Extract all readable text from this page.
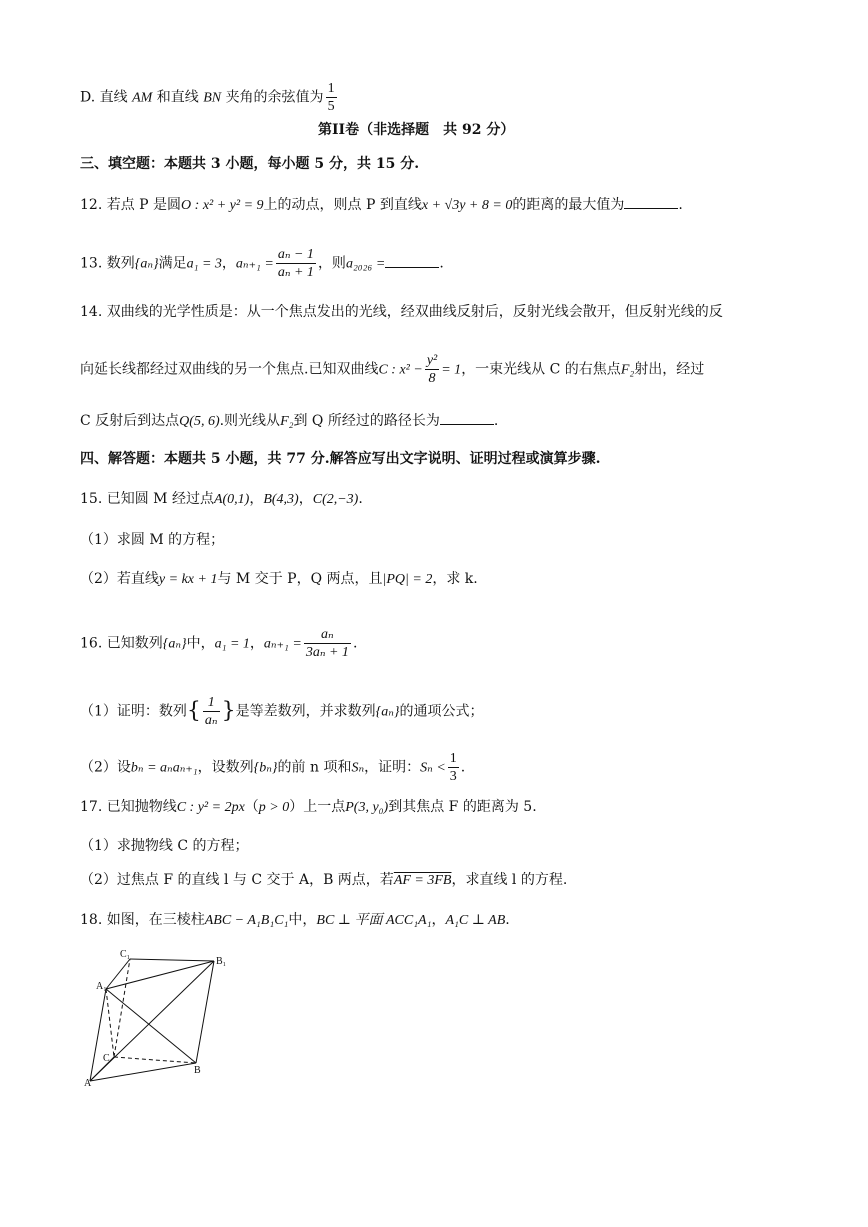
D. 直线 AM 和直线 BN 夹角的余弦值为 $\frac{1}{5}$
第II卷（非选择题　共 92 分）
三、填空题：本题共 3 小题，每小题 5 分，共 15 分.
12. 若点 P 是圆O : x² + y² = 9上的动点，则点 P 到直线x + √3y + 8 = 0的距离的最大值为	.
13. 数列{aₙ}满足a₁ = 3，$a_{n+1} = \frac{\text{aₙ − 1}}{\text{aₙ + 1}}$ ，则a₂₀₂₆ =	.
14. 双曲线的光学性质是：从一个焦点发出的光线，经双曲线反射后，反射光线会散开，但反射光线的反
向延长线都经过双曲线的另一个焦点.已知双曲线C : $x^2 - \frac{\text{y²}}{8} = 1$，一束光线从 C 的右焦点F₂射出，经过
C 反射后到达点Q(5, 6).则光线从F₂到 Q 所经过的路径长为	.
四、解答题：本题共 5 小题，共 77 分.解答应写出文字说明、证明过程或演算步骤.
15. 已知圆 M 经过点A(0,1)，B(4,3)，C(2,−3).
（1）求圆 M 的方程；
（2）若直线y = kx + 1与 M 交于 P，Q 两点，且|PQ| = 2，求 k.
16. 已知数列{aₙ}中，a₁ = 1，$a_{n+1} = \frac{\text{aₙ}}{\text{3aₙ + 1}}$ .
（1）证明：数列{ $\frac{1}{\text{aₙ}}$ }是等差数列，并求数列{aₙ}的通项公式；
（2）设bₙ = aₙaₙ₊₁，设数列{bₙ}的前 n 项和Sₙ，证明：$S_n < \frac{1}{3}$ .
17. 已知抛物线C : y² = 2px（p > 0）上一点P(3, y₀)到其焦点 F 的距离为 5.
（1）求抛物线 C 的方程；
（2）过焦点 F 的直线 l 与 C 交于 A，B 两点，若AF = 3FB，求直线 l 的方程.
18. 如图，在三棱柱ABC − A₁B₁C₁中，BC ⊥ 平面 ACC₁A₁，A₁C ⊥ AB.
C₁
B₁
A₁
C
A
B
